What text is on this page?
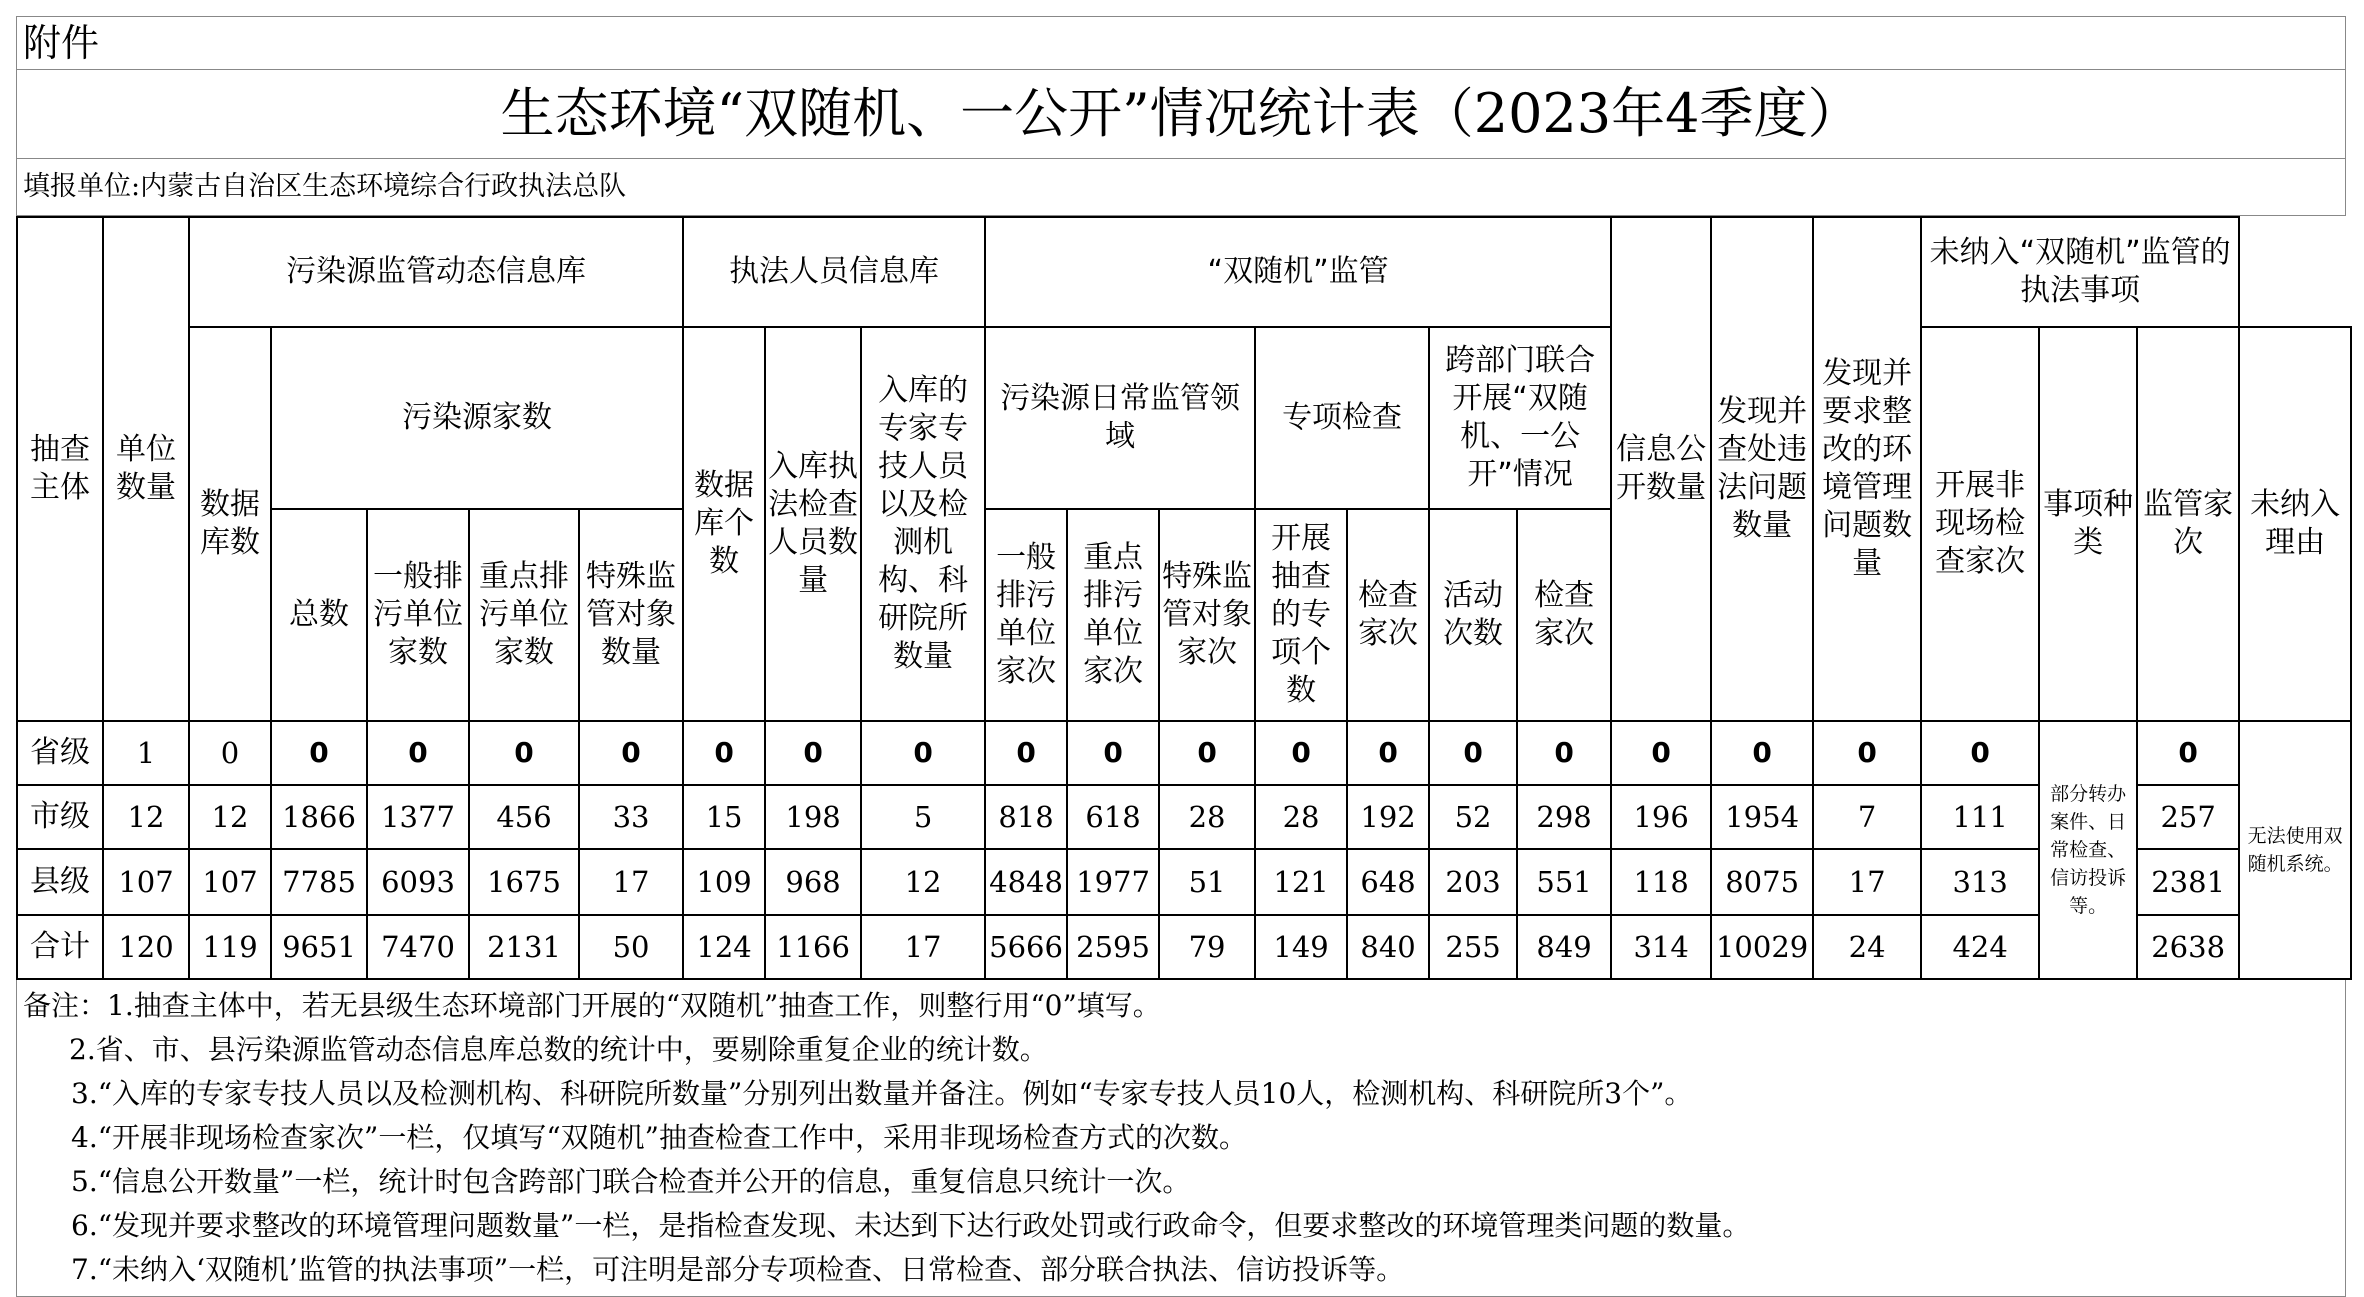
附件
生态环境“双随机、一公开”情况统计表（2023年4季度）
填报单位:内蒙古自治区生态环境综合行政执法总队
抽查主体	单位数量	污染源监管动态信息库					执法人员信息库			“双随机”监管							信息公开数量	发现并查处违法问题数量	发现并要求整改的环境管理问题数量	未纳入“双随机”监管的执法事项			
		数据库数	污染源家数				数据库个数	入库执法检查人员数量	入库的专家专技人员以及检测机构、科研院所数量	污染源日常监管领域			专项检查		跨部门联合开展“双随机、一公开”情况					开展非现场检查家次	事项种类	监管家次	未纳入理由
			总数	一般排污单位家数	重点排污单位家数	特殊监管对象数量				一般排污单位家次	重点排污单位家次	特殊监管对象家次	开展抽查的专项个数	检查家次	活动次数	检查家次							
省级	1	0	0	0	0	0	0	0	0	0	0	0	0	0	0	0	0	0	0	0	部分转办案件、日常检查、信访投诉等。	0	无法使用双随机系统。
市级	12	12	1866	1377	456	33	15	198	5	818	618	28	28	192	52	298	196	1954	7	111		257	
县级	107	107	7785	6093	1675	17	109	968	12	4848	1977	51	121	648	203	551	118	8075	17	313		2381	
合计	120	119	9651	7470	2131	50	124	1166	17	5666	2595	79	149	840	255	849	314	10029	24	424		2638	
备注：1.抽查主体中，若无县级生态环境部门开展的“双随机”抽查工作，则整行用“0”填写。
2.省、市、县污染源监管动态信息库总数的统计中，要剔除重复企业的统计数。
3.“入库的专家专技人员以及检测机构、科研院所数量”分别列出数量并备注。例如“专家专技人员10人，检测机构、科研院所3个”。
4.“开展非现场检查家次”一栏，仅填写“双随机”抽查检查工作中，采用非现场检查方式的次数。
5.“信息公开数量”一栏，统计时包含跨部门联合检查并公开的信息，重复信息只统计一次。
6.“发现并要求整改的环境管理问题数量”一栏，是指检查发现、未达到下达行政处罚或行政命令，但要求整改的环境管理类问题的数量。
7.“未纳入‘双随机’监管的执法事项”一栏，可注明是部分专项检查、日常检查、部分联合执法、信访投诉等。
